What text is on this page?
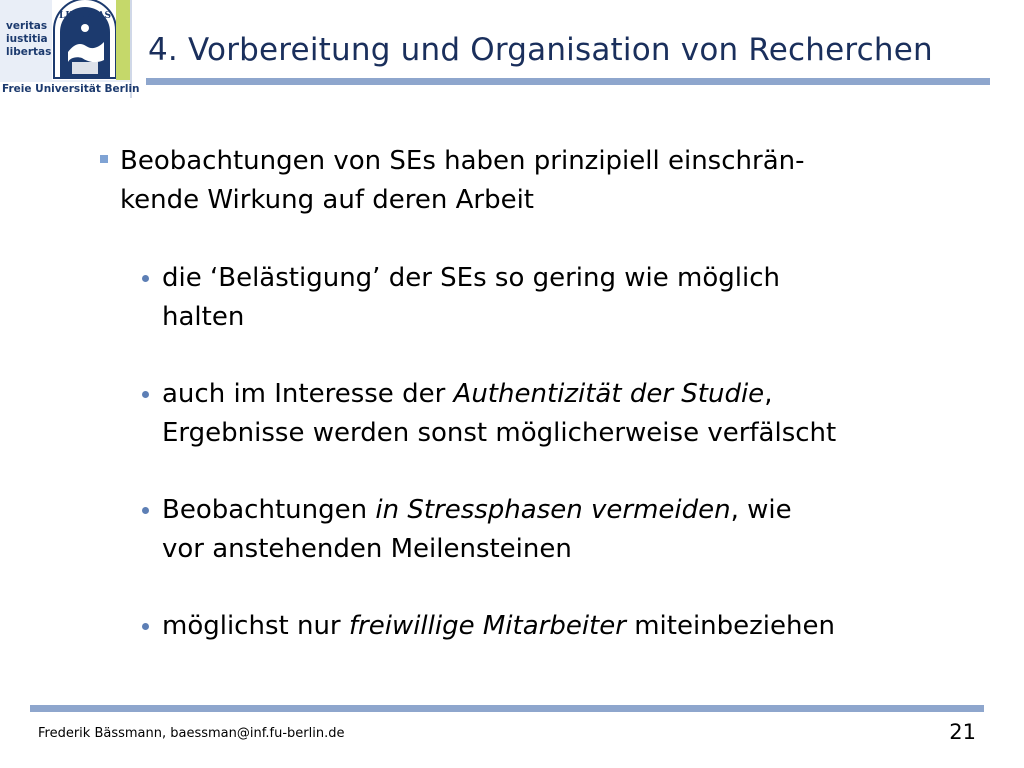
veritas
iustitia
libertas
LIBERTAS
Freie Universität Berlin
4. Vorbereitung und Organisation von Recherchen
Beobachtungen von SEs haben prinzipiell einschrän-
kende Wirkung auf deren Arbeit
die ‘Belästigung’ der SEs so gering wie möglich
halten
auch im Interesse der Authentizität der Studie,
Ergebnisse werden sonst möglicherweise verfälscht
Beobachtungen in Stressphasen vermeiden, wie
vor anstehenden Meilensteinen
möglichst nur freiwillige Mitarbeiter miteinbeziehen
Frederik Bässmann, baessman@inf.fu-berlin.de	21
